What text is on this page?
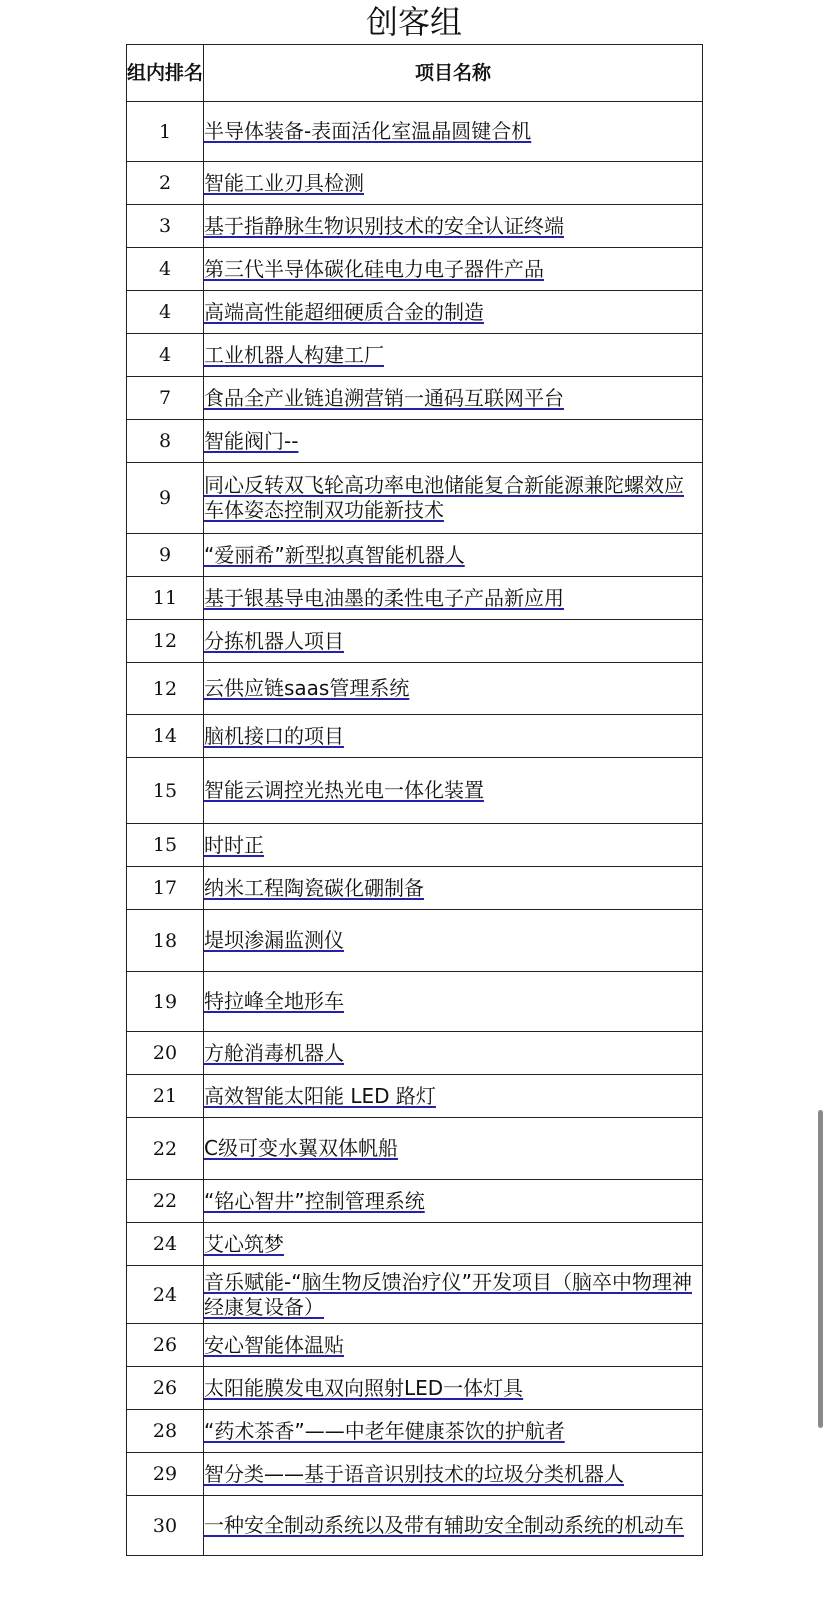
创客组
组内排名	项目名称
1	半导体装备-表面活化室温晶圆键合机
2	智能工业刃具检测
3	基于指静脉生物识别技术的安全认证终端
4	第三代半导体碳化硅电力电子器件产品
4	高端高性能超细硬质合金的制造
4	工业机器人构建工厂
7	食品全产业链追溯营销一通码互联网平台
8	智能阀门--
9	同心反转双飞轮高功率电池储能复合新能源兼陀螺效应车体姿态控制双功能新技术
9	“爱丽希”新型拟真智能机器人
11	基于银基导电油墨的柔性电子产品新应用
12	分拣机器人项目
12	云供应链saas管理系统
14	脑机接口的项目
15	智能云调控光热光电一体化装置
15	时时正
17	纳米工程陶瓷碳化硼制备
18	堤坝渗漏监测仪
19	特拉峰全地形车
20	方舱消毒机器人
21	高效智能太阳能 LED 路灯
22	C级可变水翼双体帆船
22	“铭心智井”控制管理系统
24	艾心筑梦
24	音乐赋能-“脑生物反馈治疗仪”开发项目（脑卒中物理神经康复设备）
26	安心智能体温贴
26	太阳能膜发电双向照射LED一体灯具
28	“药术茶香”——中老年健康茶饮的护航者
29	智分类——基于语音识别技术的垃圾分类机器人
30	一种安全制动系统以及带有辅助安全制动系统的机动车
